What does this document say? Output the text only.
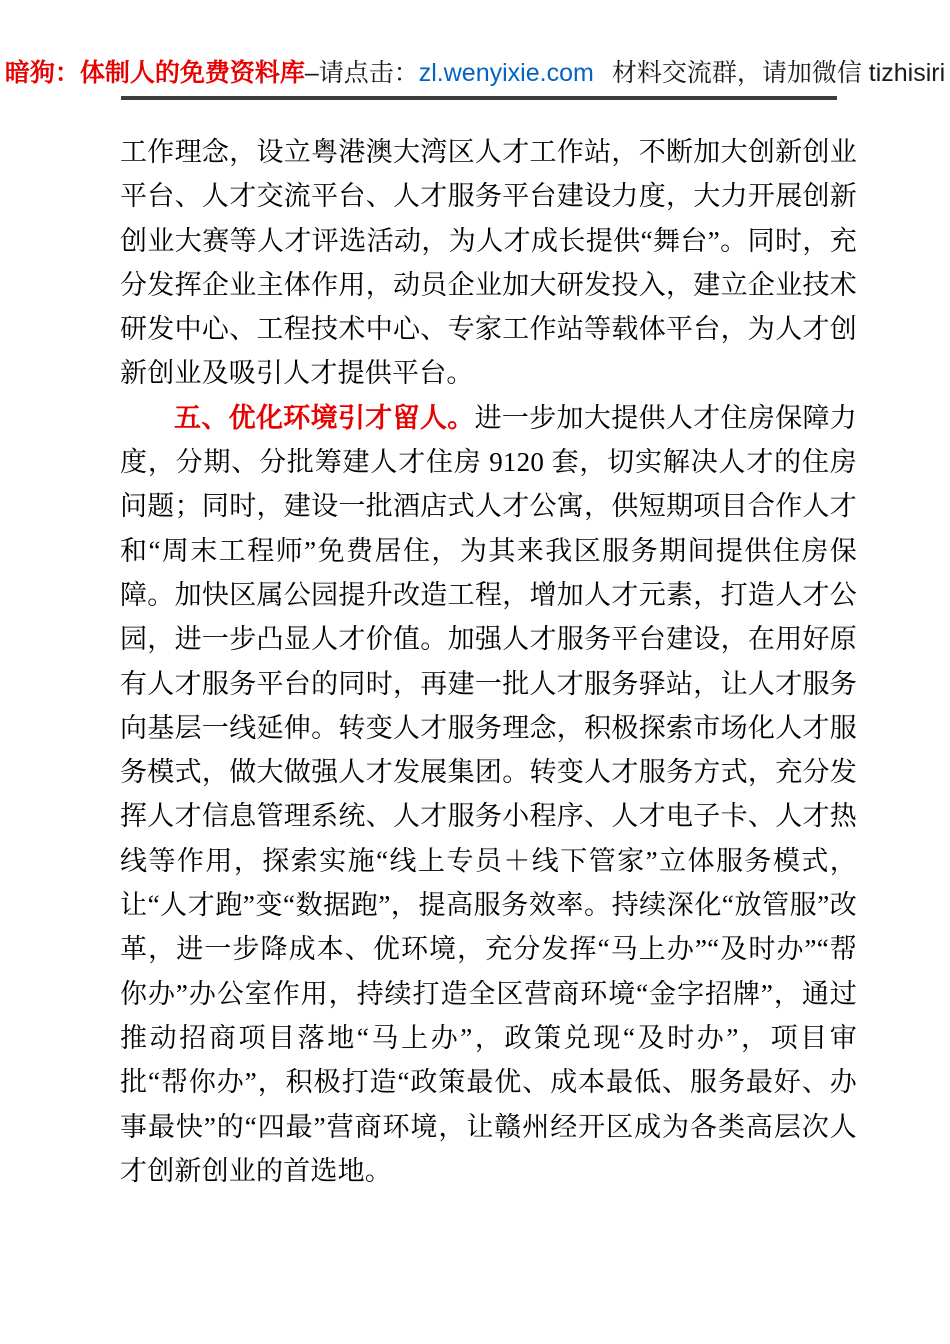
暗狗：体制人的免费资料库–请点击：zl.wenyixie.com 材料交流群，请加微信 tizhisiri

工作理念，设立粤港澳大湾区人才工作站，不断加大创新创业平台、人才交流平台、人才服务平台建设力度，大力开展创新创业大赛等人才评选活动，为人才成长提供“舞台”。同时，充分发挥企业主体作用，动员企业加大研发投入，建立企业技术研发中心、工程技术中心、专家工作站等载体平台，为人才创新创业及吸引人才提供平台。

五、优化环境引才留人。进一步加大提供人才住房保障力度，分期、分批筹建人才住房 9120 套，切实解决人才的住房问题；同时，建设一批酒店式人才公寓，供短期项目合作人才和“周末工程师”免费居住，为其来我区服务期间提供住房保障。加快区属公园提升改造工程，增加人才元素，打造人才公园，进一步凸显人才价值。加强人才服务平台建设，在用好原有人才服务平台的同时，再建一批人才服务驿站，让人才服务向基层一线延伸。转变人才服务理念，积极探索市场化人才服务模式，做大做强人才发展集团。转变人才服务方式，充分发挥人才信息管理系统、人才服务小程序、人才电子卡、人才热线等作用，探索实施“线上专员＋线下管家”立体服务模式，让“人才跑”变“数据跑”，提高服务效率。持续深化“放管服”改革，进一步降成本、优环境，充分发挥“马上办”“及时办”“帮你办”办公室作用，持续打造全区营商环境“金字招牌”，通过推动招商项目落地“马上办”，政策兑现“及时办”，项目审批“帮你办”，积极打造“政策最优、成本最低、服务最好、办事最快”的“四最”营商环境，让赣州经开区成为各类高层次人才创新创业的首选地。
